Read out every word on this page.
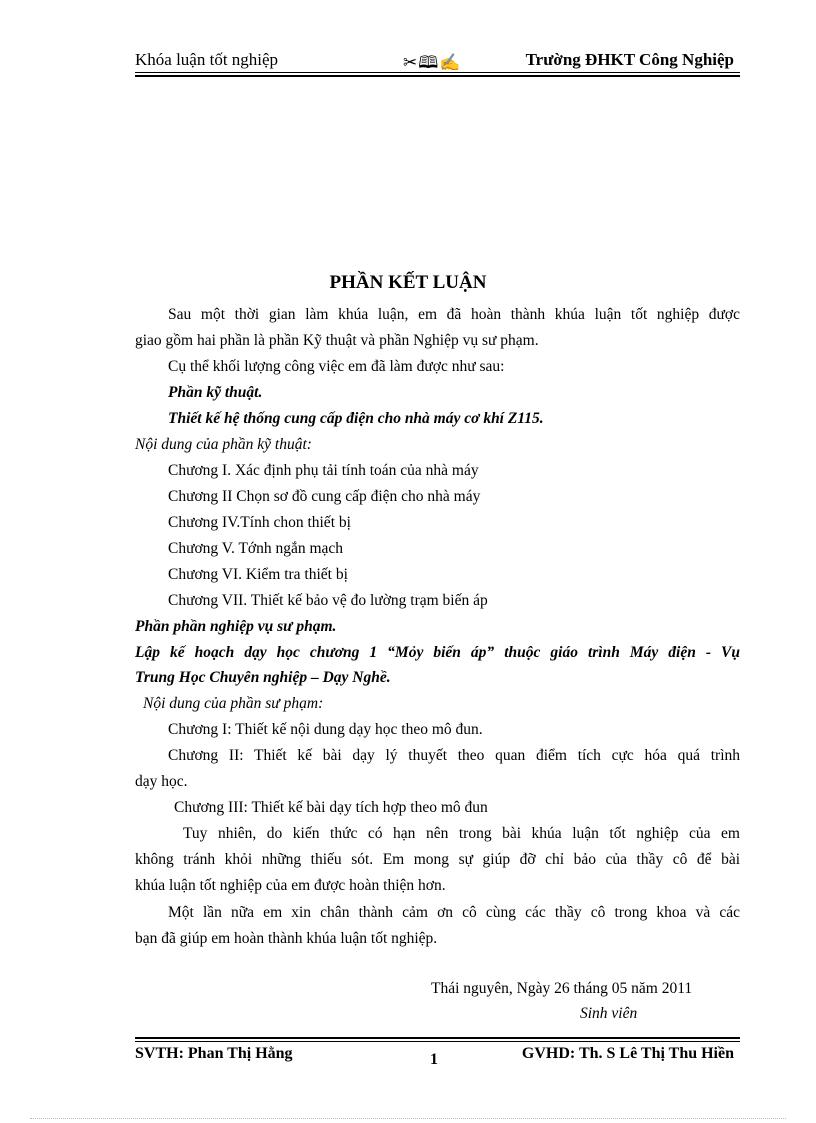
Khóa luận tốt nghiệp	✂🕮✍	Trường ĐHKT Công Nghiệp
PHẦN KẾT LUẬN
Sau một thời gian làm khúa luận, em đã hoàn thành khúa luận tốt nghiệp được
giao gồm hai phần là phần Kỹ thuật và phần Nghiệp vụ sư phạm.
Cụ thể khối lượng công việc em đã làm được như sau:
Phần kỹ thuật.
Thiết kế hệ thống cung cấp điện cho nhà máy cơ khí Z115.
Nội dung của phần kỹ thuật:
Chương I. Xác định phụ tải tính toán của nhà máy
Chương II Chọn sơ đồ cung cấp điện cho nhà máy
Chương IV.Tính chon thiết bị
Chương V. Tớnh ngắn mạch
Chương VI. Kiểm tra thiết bị
Chương VII. Thiết kế bảo vệ đo lường trạm biến áp
Phần phần nghiệp vụ sư phạm.
Lập kế hoạch dạy học chương 1 “Mỏy biến áp” thuộc giáo trình Máy điện - Vụ
Trung Học Chuyên nghiệp – Dạy Nghề.
Nội dung của phần sư phạm:
Chương I: Thiết kế nội dung dạy học theo mô đun.
Chương II: Thiết kế bài dạy lý thuyết theo quan điểm tích cực hóa quá trình
dạy học.
Chương III: Thiết kế bài dạy tích hợp theo mô đun
Tuy nhiên, do kiến thức có hạn nên trong bài khúa luận tốt nghiệp của em
không tránh khỏi những thiếu sót. Em mong sự giúp đỡ chỉ bảo của thầy cô để bài
khúa luận tốt nghiệp của em được hoàn thiện hơn.
Một lần nữa em xin chân thành cảm ơn cô cùng các thầy cô trong khoa và các
bạn đã giúp em hoàn thành khúa luận tốt nghiệp.
Thái nguyên, Ngày 26 tháng 05 năm 2011
Sinh viên
SVTH: Phan Thị Hằng	1	GVHD: Th. S Lê Thị Thu Hiền
